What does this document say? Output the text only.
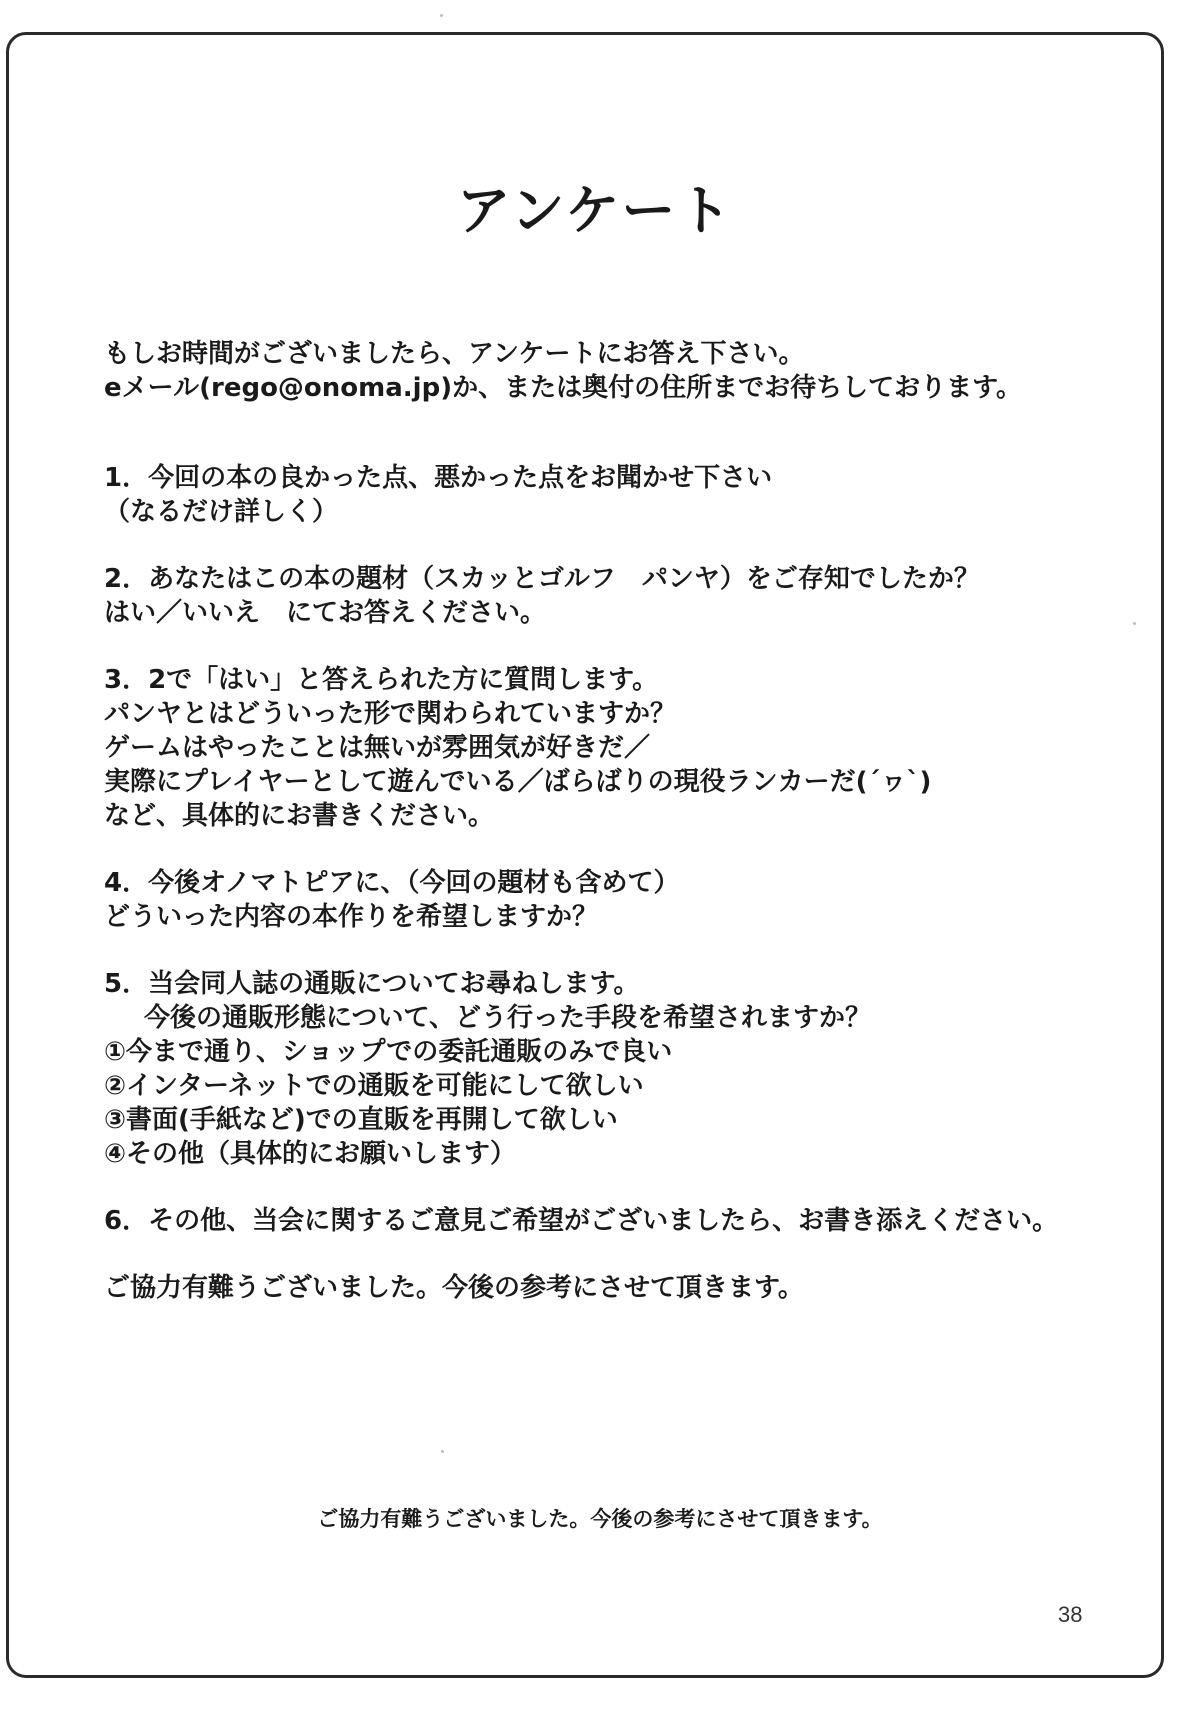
アンケート
もしお時間がございましたら、アンケートにお答え下さい。
eメール(rego@onoma.jp)か、または奥付の住所までお待ちしております。
1．今回の本の良かった点、悪かった点をお聞かせ下さい
（なるだけ詳しく）
2．あなたはこの本の題材（スカッとゴルフ　パンヤ）をご存知でしたか？
はい／いいえ　にてお答えください。
3．2で「はい」と答えられた方に質問します。
パンヤとはどういった形で関わられていますか？
ゲームはやったことは無いが雰囲気が好きだ／
実際にプレイヤーとして遊んでいる／ばらばりの現役ランカーだ(´ヮ`)
など、具体的にお書きください。
4．今後オノマトピアに、（今回の題材も含めて）
どういった内容の本作りを希望しますか？
5．当会同人誌の通販についてお尋ねします。
今後の通販形態について、どう行った手段を希望されますか？
①今まで通り、ショップでの委託通販のみで良い
②インターネットでの通販を可能にして欲しい
③書面(手紙など)での直販を再開して欲しい
④その他（具体的にお願いします）
6．その他、当会に関するご意見ご希望がございましたら、お書き添えください。
ご協力有難うございました。今後の参考にさせて頂きます。
ご協力有難うございました。今後の参考にさせて頂きます。
38
